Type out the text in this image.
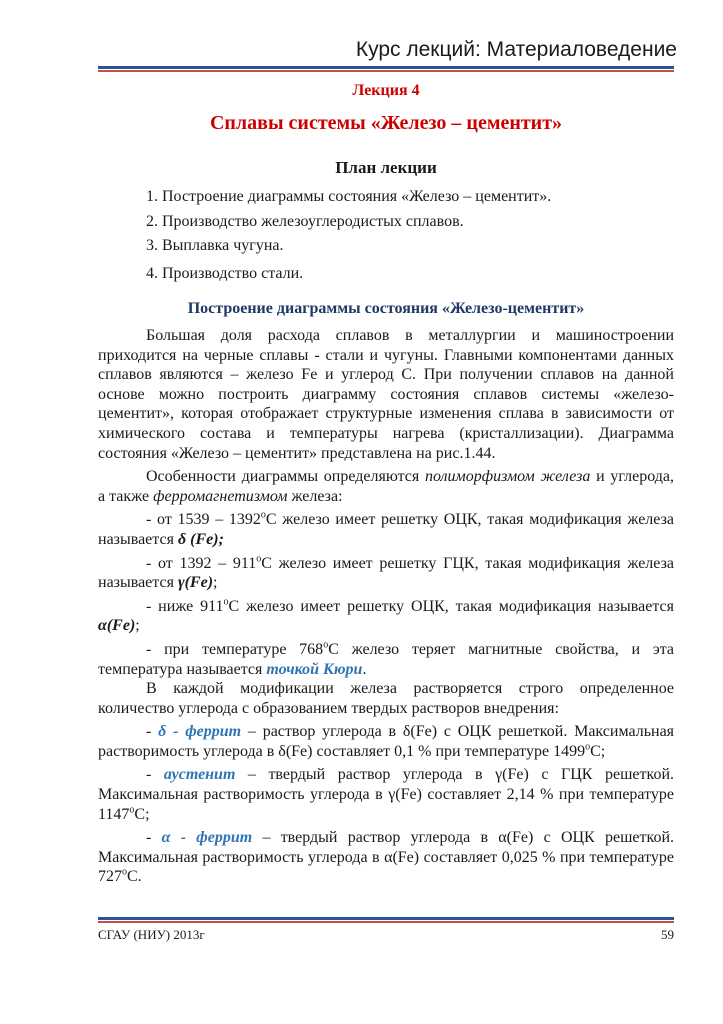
Курс лекций: Материаловедение
Лекция 4
Сплавы системы «Железо – цементит»
План лекции
1. Построение диаграммы состояния «Железо – цементит».
2. Производство железоуглеродистых сплавов.
3. Выплавка чугуна.
4. Производство стали.
Построение диаграммы состояния «Железо-цементит»

Большая доля расхода сплавов в металлургии и машиностроении приходится на черные сплавы - стали и чугуны. Главными компонентами данных сплавов являются – железо Fe и углерод С. При получении сплавов на данной основе можно построить диаграмму состояния сплавов системы «железо-цементит», которая отображает структурные изменения сплава в зависимости от химического состава и температуры нагрева (кристаллизации). Диаграмма состояния «Железо – цементит» представлена на рис.1.44.

Особенности диаграммы определяются полиморфизмом железа и углерода, а также ферромагнетизмом железа:

- от $1539 - 1392^оС$ железо имеет решетку ОЦК, такая модификация железа называется δ (Fe);

- от $1392 - 911^оС$ железо имеет решетку ГЦК, такая модификация железа называется γ(Fe);

- ниже $911^оС$ железо имеет решетку ОЦК, такая модификация называется α(Fe);

- при температуре $768^оС$ железо теряет магнитные свойства, и эта температура называется точкой Кюри.

В каждой модификации железа растворяется строго определенное количество углерода с образованием твердых растворов внедрения:

- δ - феррит – раствор углерода в δ(Fe) с ОЦК решеткой. Максимальная растворимость углерода в δ(Fe) составляет 0,1 % при температуре $1499^оС$;

- аустенит – твердый раствор углерода в γ(Fe) с ГЦК решеткой. Максимальная растворимость углерода в γ(Fe) составляет 2,14 % при температуре $1147^оС$;

- α - феррит – твердый раствор углерода в α(Fe) с ОЦК решеткой. Максимальная растворимость углерода в α(Fe) составляет 0,025 % при температуре $727^оС$.

СГАУ (НИУ) 2013г	59
